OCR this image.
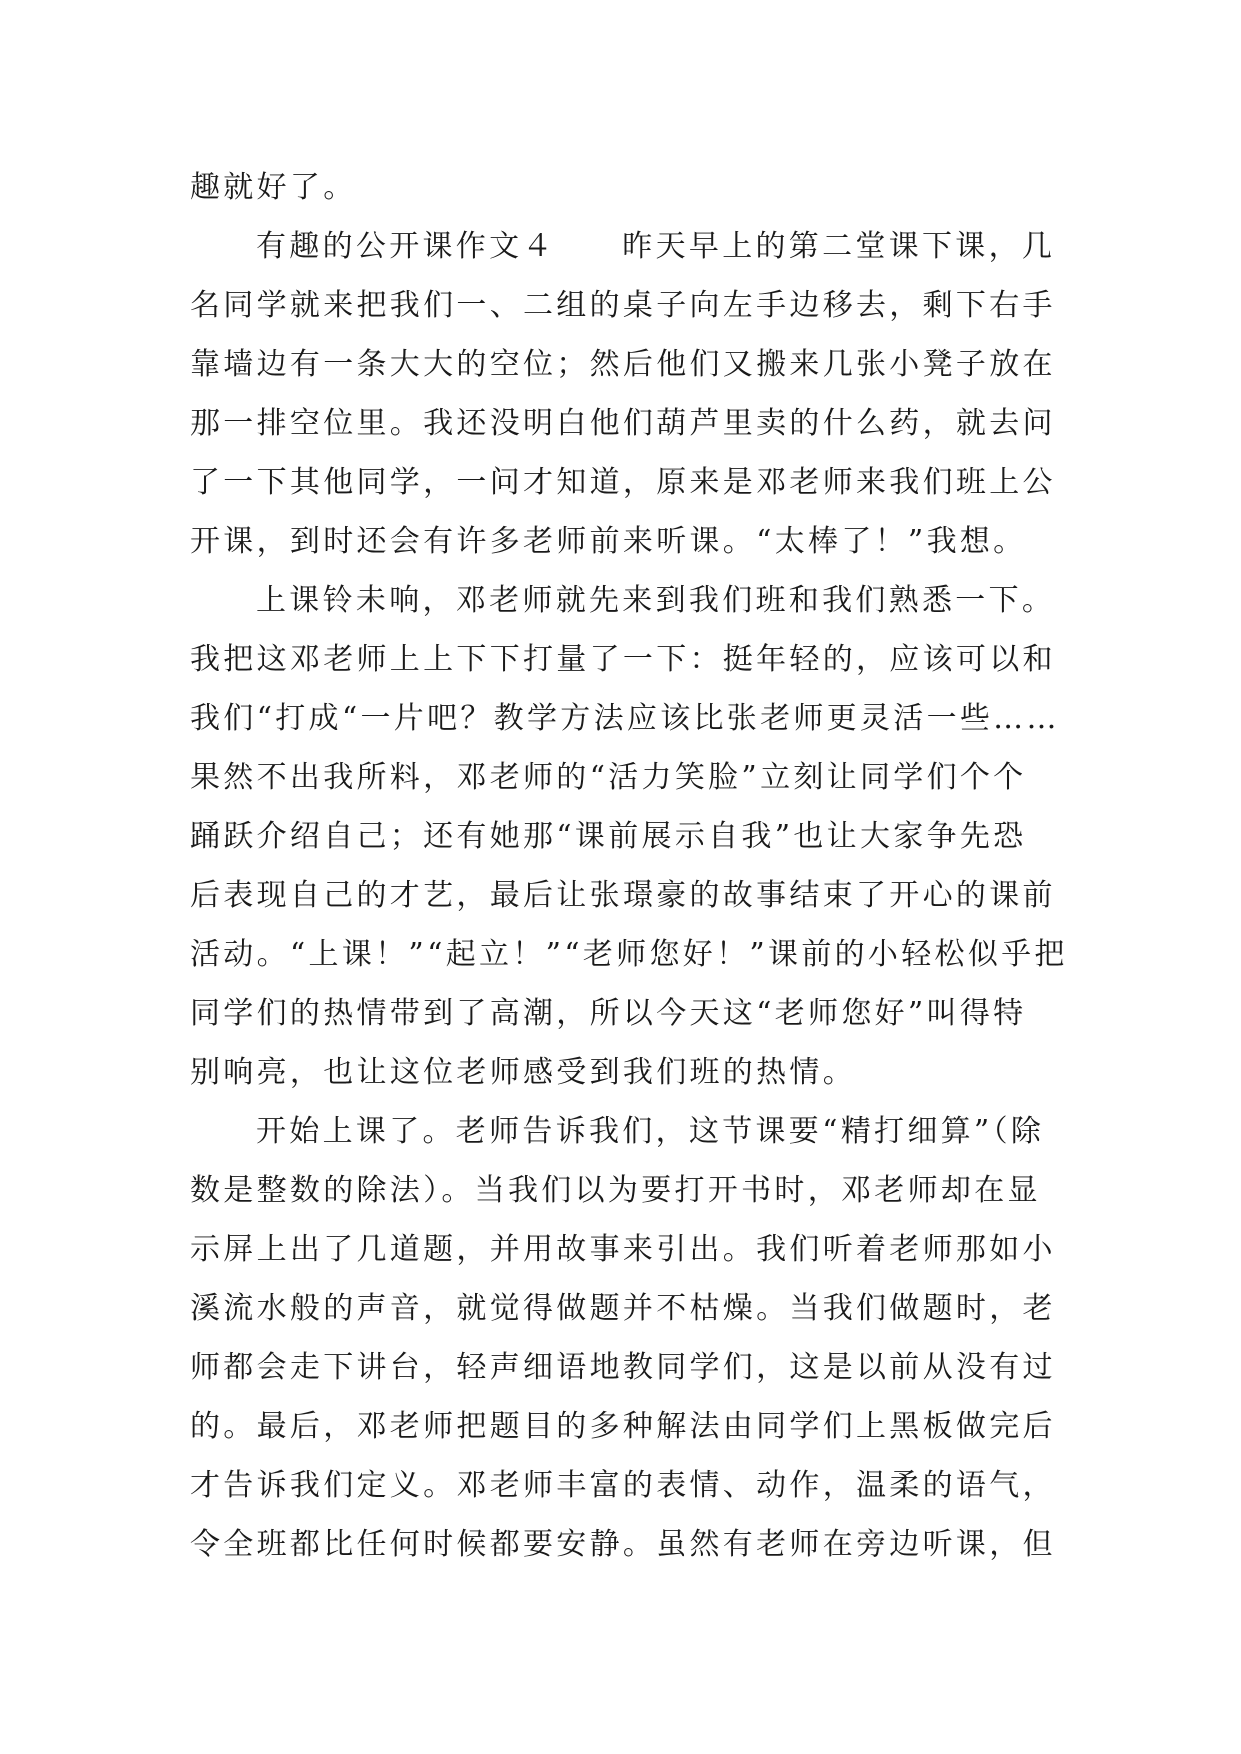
趣就好了。
有趣的公开课作文４　　昨天早上的第二堂课下课，几
名同学就来把我们一、二组的桌子向左手边移去，剩下右手
靠墙边有一条大大的空位；然后他们又搬来几张小凳子放在
那一排空位里。我还没明白他们葫芦里卖的什么药，就去问
了一下其他同学，一问才知道，原来是邓老师来我们班上公
开课，到时还会有许多老师前来听课。“太棒了！”我想。
上课铃未响，邓老师就先来到我们班和我们熟悉一下。
我把这邓老师上上下下打量了一下：挺年轻的，应该可以和
我们“打成“一片吧？教学方法应该比张老师更灵活一些……
果然不出我所料，邓老师的“活力笑脸”立刻让同学们个个
踊跃介绍自己；还有她那“课前展示自我”也让大家争先恐
后表现自己的才艺，最后让张璟豪的故事结束了开心的课前
活动。“上课！”“起立！”“老师您好！”课前的小轻松似乎把
同学们的热情带到了高潮，所以今天这“老师您好”叫得特
别响亮，也让这位老师感受到我们班的热情。
开始上课了。老师告诉我们，这节课要“精打细算”（除
数是整数的除法）。当我们以为要打开书时，邓老师却在显
示屏上出了几道题，并用故事来引出。我们听着老师那如小
溪流水般的声音，就觉得做题并不枯燥。当我们做题时，老
师都会走下讲台，轻声细语地教同学们，这是以前从没有过
的。最后，邓老师把题目的多种解法由同学们上黑板做完后
才告诉我们定义。邓老师丰富的表情、动作，温柔的语气，
令全班都比任何时候都要安静。虽然有老师在旁边听课，但
